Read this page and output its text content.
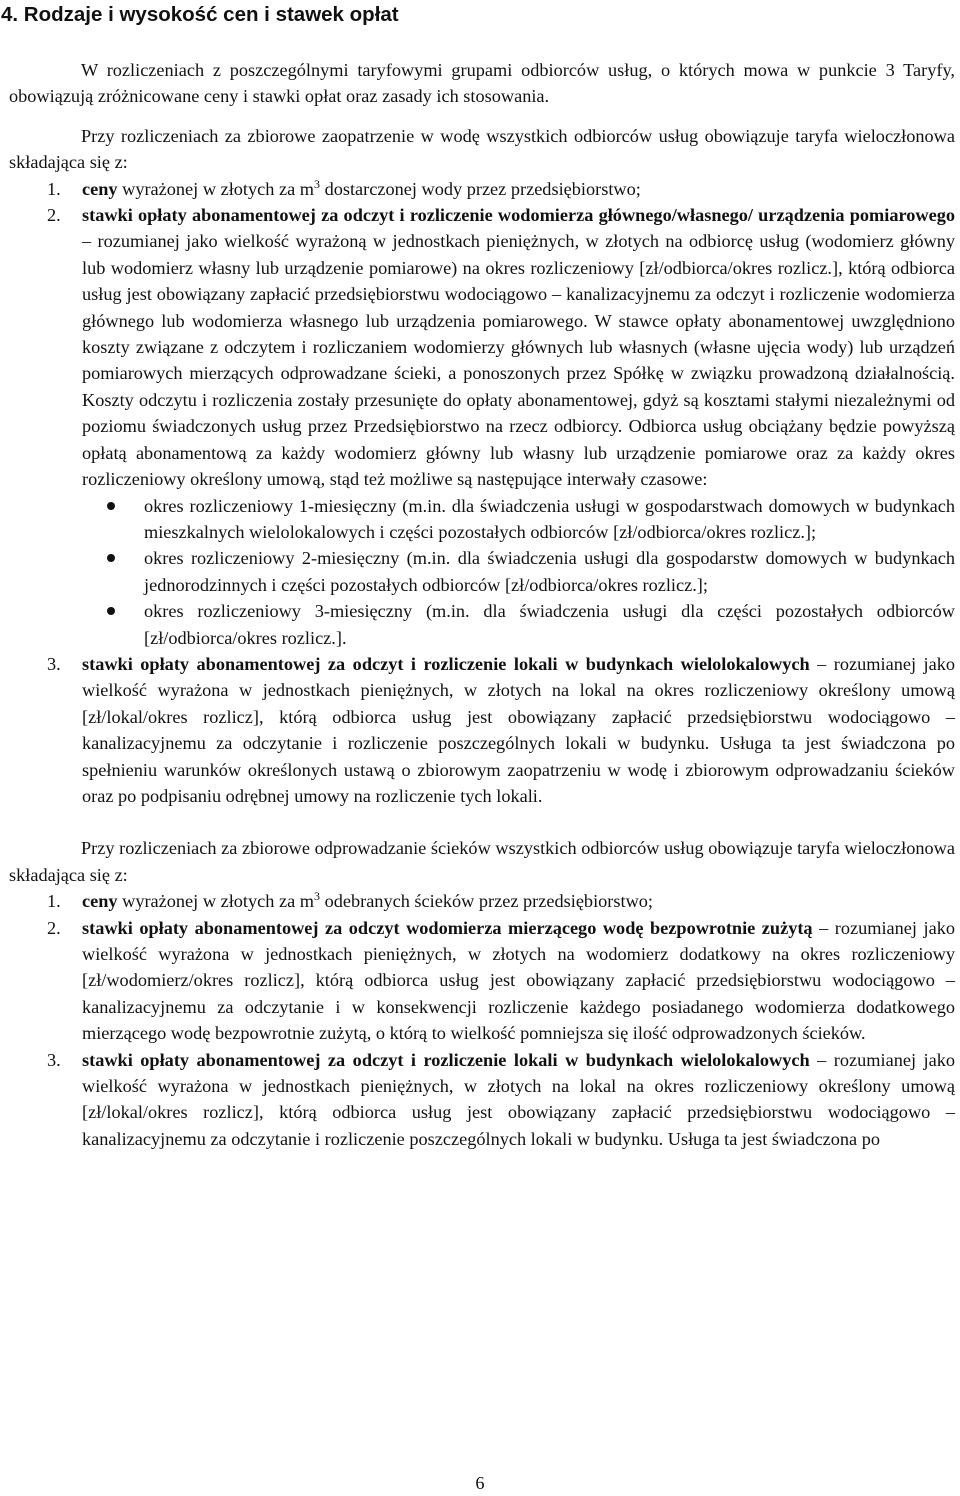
4. Rodzaje i wysokość cen i stawek opłat

W rozliczeniach z poszczególnymi taryfowymi grupami odbiorców usług, o których mowa w punkcie 3 Taryfy, obowiązują zróżnicowane ceny i stawki opłat oraz zasady ich stosowania.

Przy rozliczeniach za zbiorowe zaopatrzenie w wodę wszystkich odbiorców usług obowiązuje taryfa wieloczłonowa składająca się z:

1.	ceny wyrażonej w złotych za $m^3$ dostarczonej wody przez przedsiębiorstwo;
2.	stawki opłaty abonamentowej za odczyt i rozliczenie wodomierza głównego/własnego/ urządzenia pomiarowego – rozumianej jako wielkość wyrażoną w jednostkach pieniężnych, w złotych na odbiorcę usług (wodomierz główny lub wodomierz własny lub urządzenie pomiarowe) na okres rozliczeniowy [zł/odbiorca/okres rozlicz.], którą odbiorca usług jest obowiązany zapłacić przedsiębiorstwu wodociągowo – kanalizacyjnemu za odczyt i rozliczenie wodomierza głównego lub wodomierza własnego lub urządzenia pomiarowego. W stawce opłaty abonamentowej uwzględniono koszty związane z odczytem i rozliczaniem wodomierzy głównych lub własnych (własne ujęcia wody) lub urządzeń pomiarowych mierzących odprowadzane ścieki, a ponoszonych przez Spółkę w związku prowadzoną działalnością. Koszty odczytu i rozliczenia zostały przesunięte do opłaty abonamentowej, gdyż są kosztami stałymi niezależnymi od poziomu świadczonych usług przez Przedsiębiorstwo na rzecz odbiorcy. Odbiorca usług obciążany będzie powyższą opłatą abonamentową za każdy wodomierz główny lub własny lub urządzenie pomiarowe oraz za każdy okres rozliczeniowy określony umową, stąd też możliwe są następujące interwały czasowe:
okres rozliczeniowy 1-miesięczny (m.in. dla świadczenia usługi w gospodarstwach domowych w budynkach mieszkalnych wielolokalowych i części pozostałych odbiorców [zł/odbiorca/okres rozlicz.];
okres rozliczeniowy 2-miesięczny (m.in. dla świadczenia usługi dla gospodarstw domowych w budynkach jednorodzinnych i części pozostałych odbiorców [zł/odbiorca/okres rozlicz.];
okres rozliczeniowy 3-miesięczny (m.in. dla świadczenia usługi dla części pozostałych odbiorców [zł/odbiorca/okres rozlicz.].
3.	stawki opłaty abonamentowej za odczyt i rozliczenie lokali w budynkach wielolokalowych – rozumianej jako wielkość wyrażona w jednostkach pieniężnych, w złotych na lokal na okres rozliczeniowy określony umową [zł/lokal/okres rozlicz], którą odbiorca usług jest obowiązany zapłacić przedsiębiorstwu wodociągowo – kanalizacyjnemu za odczytanie i rozliczenie poszczególnych lokali w budynku. Usługa ta jest świadczona po spełnieniu warunków określonych ustawą o zbiorowym zaopatrzeniu w wodę i zbiorowym odprowadzaniu ścieków oraz po podpisaniu odrębnej umowy na rozliczenie tych lokali.

Przy rozliczeniach za zbiorowe odprowadzanie ścieków wszystkich odbiorców usług obowiązuje taryfa wieloczłonowa składająca się z:

1.	ceny wyrażonej w złotych za $m^3$ odebranych ścieków przez przedsiębiorstwo;
2.	stawki opłaty abonamentowej za odczyt wodomierza mierzącego wodę bezpowrotnie zużytą – rozumianej jako wielkość wyrażona w jednostkach pieniężnych, w złotych na wodomierz dodatkowy na okres rozliczeniowy [zł/wodomierz/okres rozlicz], którą odbiorca usług jest obowiązany zapłacić przedsiębiorstwu wodociągowo – kanalizacyjnemu za odczytanie i w konsekwencji rozliczenie każdego posiadanego wodomierza dodatkowego mierzącego wodę bezpowrotnie zużytą, o którą to wielkość pomniejsza się ilość odprowadzonych ścieków.
3.	stawki opłaty abonamentowej za odczyt i rozliczenie lokali w budynkach wielolokalowych – rozumianej jako wielkość wyrażona w jednostkach pieniężnych, w złotych na lokal na okres rozliczeniowy określony umową [zł/lokal/okres rozlicz], którą odbiorca usług jest obowiązany zapłacić przedsiębiorstwu wodociągowo – kanalizacyjnemu za odczytanie i rozliczenie poszczególnych lokali w budynku. Usługa ta jest świadczona po
6
